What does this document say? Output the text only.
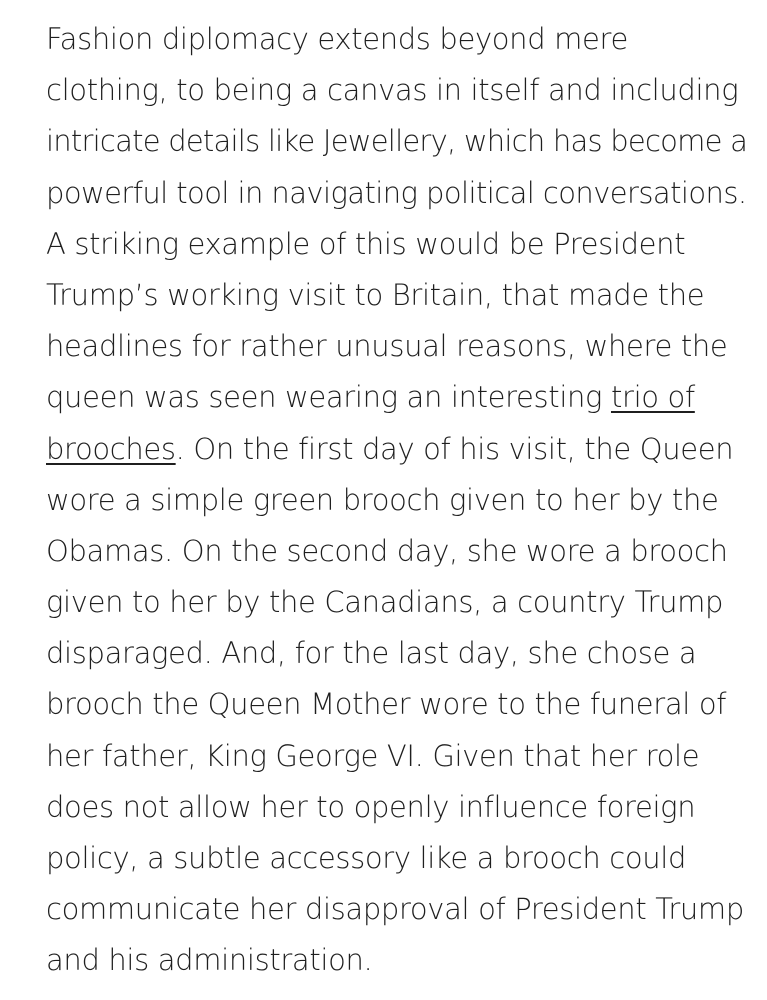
Fashion diplomacy extends beyond mere
clothing, to being a canvas in itself and including
intricate details like Jewellery, which has become a
powerful tool in navigating political conversations.
A striking example of this would be President
Trump’s working visit to Britain, that made the
headlines for rather unusual reasons, where the
queen was seen wearing an interesting trio of
brooches. On the first day of his visit, the Queen
wore a simple green brooch given to her by the
Obamas. On the second day, she wore a brooch
given to her by the Canadians, a country Trump
disparaged. And, for the last day, she chose a
brooch the Queen Mother wore to the funeral of
her father, King George VI. Given that her role
does not allow her to openly influence foreign
policy, a subtle accessory like a brooch could
communicate her disapproval of President Trump
and his administration.
